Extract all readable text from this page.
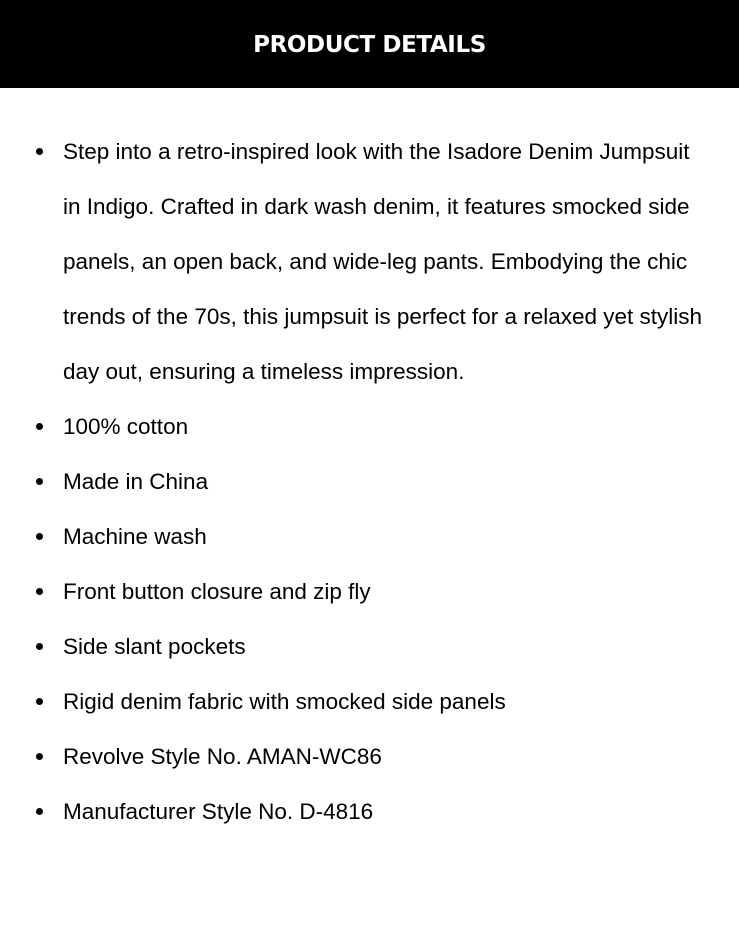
PRODUCT DETAILS
Step into a retro-inspired look with the Isadore Denim Jumpsuit in Indigo. Crafted in dark wash denim, it features smocked side panels, an open back, and wide-leg pants. Embodying the chic trends of the 70s, this jumpsuit is perfect for a relaxed yet stylish day out, ensuring a timeless impression.
100% cotton
Made in China
Machine wash
Front button closure and zip fly
Side slant pockets
Rigid denim fabric with smocked side panels
Revolve Style No. AMAN-WC86
Manufacturer Style No. D-4816
